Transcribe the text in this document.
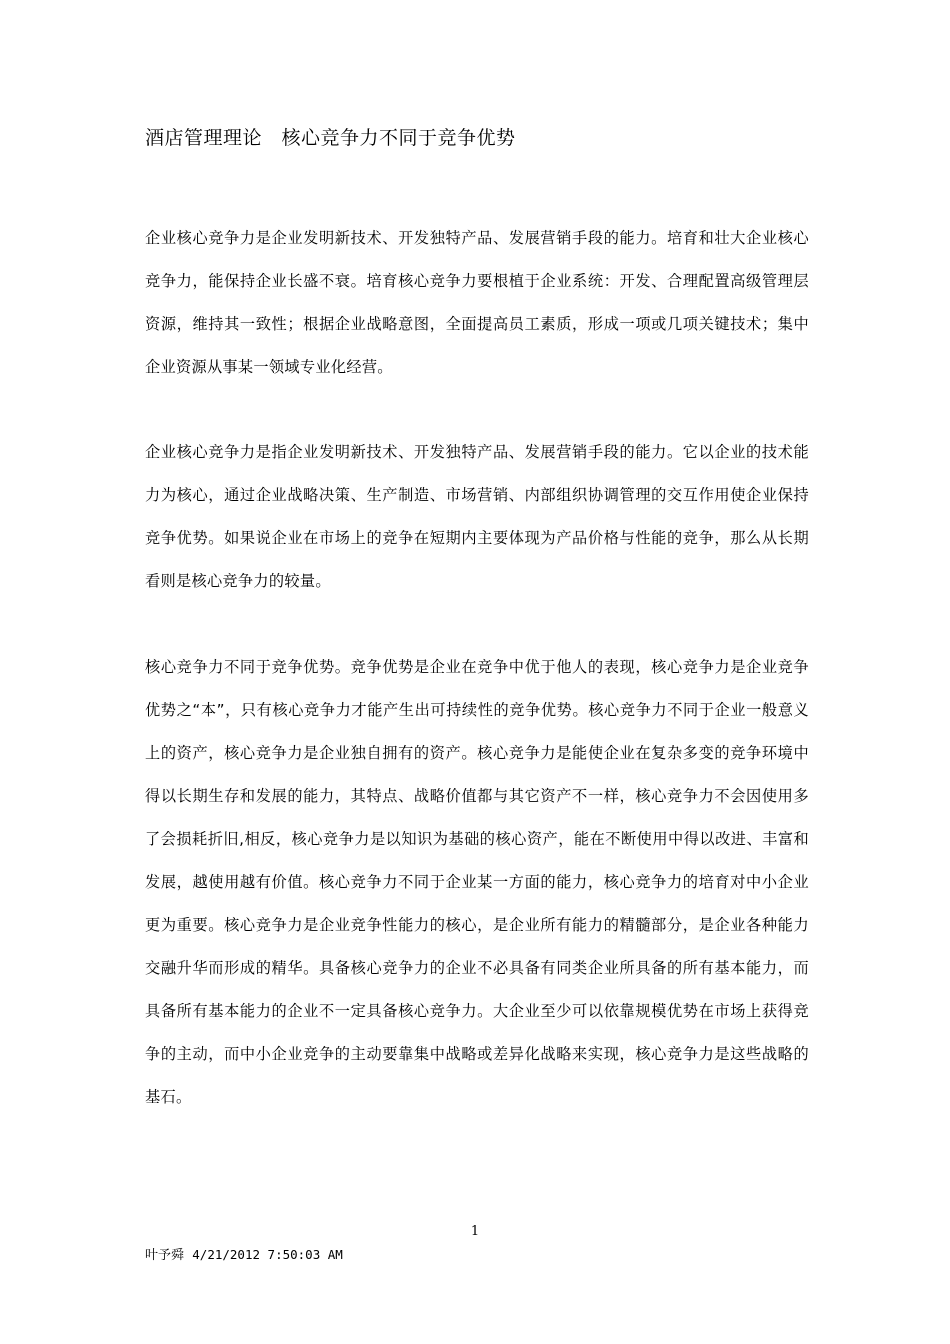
酒店管理理论　核心竞争力不同于竞争优势

企业核心竞争力是企业发明新技术、开发独特产品、发展营销手段的能力。培育和壮大企业核心竞争力，能保持企业长盛不衰。培育核心竞争力要根植于企业系统：开发、合理配置高级管理层资源，维持其一致性；根据企业战略意图，全面提高员工素质，形成一项或几项关键技术；集中企业资源从事某一领域专业化经营。

企业核心竞争力是指企业发明新技术、开发独特产品、发展营销手段的能力。它以企业的技术能力为核心，通过企业战略决策、生产制造、市场营销、内部组织协调管理的交互作用使企业保持竞争优势。如果说企业在市场上的竞争在短期内主要体现为产品价格与性能的竞争，那么从长期看则是核心竞争力的较量。

核心竞争力不同于竞争优势。竞争优势是企业在竞争中优于他人的表现，核心竞争力是企业竞争优势之“本”，只有核心竞争力才能产生出可持续性的竞争优势。核心竞争力不同于企业一般意义上的资产，核心竞争力是企业独自拥有的资产。核心竞争力是能使企业在复杂多变的竞争环境中得以长期生存和发展的能力，其特点、战略价值都与其它资产不一样，核心竞争力不会因使用多了会损耗折旧,相反，核心竞争力是以知识为基础的核心资产，能在不断使用中得以改进、丰富和发展，越使用越有价值。核心竞争力不同于企业某一方面的能力，核心竞争力的培育对中小企业更为重要。核心竞争力是企业竞争性能力的核心，是企业所有能力的精髓部分，是企业各种能力交融升华而形成的精华。具备核心竞争力的企业不必具备有同类企业所具备的所有基本能力，而具备所有基本能力的企业不一定具备核心竞争力。大企业至少可以依靠规模优势在市场上获得竞争的主动，而中小企业竞争的主动要靠集中战略或差异化战略来实现，核心竞争力是这些战略的基石。

1
叶予舜 4/21/2012 7:50:03 AM
